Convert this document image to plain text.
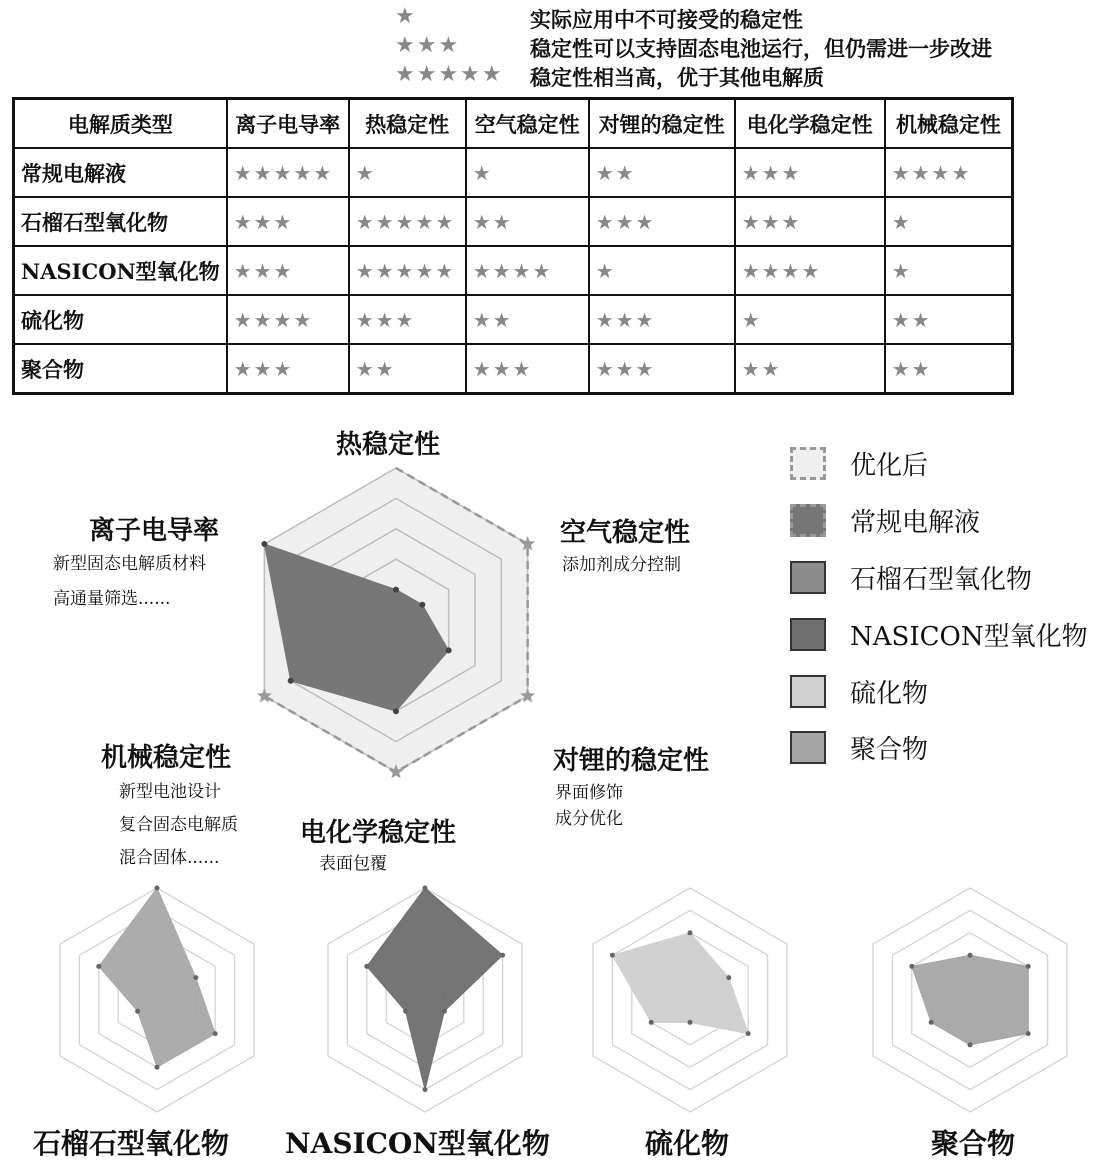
★	实际应用中不可接受的稳定性
★★★	稳定性可以支持固态电池运行，但仍需进一步改进
★★★★★ 稳定性相当高，优于其他电解质
电解质类型	离子电导率	热稳定性	空气稳定性	对锂的稳定性	电化学稳定性	机械稳定性
常规电解液	★★★★★	★	★	★★	★★★	★★★★
石榴石型氧化物	★★★	★★★★★	★★	★★★	★★★	★
NASICON型氧化物	★★★	★★★★★	★★★★	★	★★★★	★
硫化物	★★★★	★★★	★★	★★★	★	★★
聚合物	★★★	★★	★★★	★★★	★★	★★
热稳定性
空气稳定性
对锂的稳定性
电化学稳定性
机械稳定性
离子电导率
新型固态电解质材料
高通量筛选......
添加剂成分控制
界面修饰
成分优化
表面包覆
新型电池设计
复合固态电解质
混合固体......
优化后
常规电解液
石榴石型氧化物
NASICON型氧化物
硫化物
聚合物
石榴石型氧化物 NASICON型氧化物	硫化物	聚合物
